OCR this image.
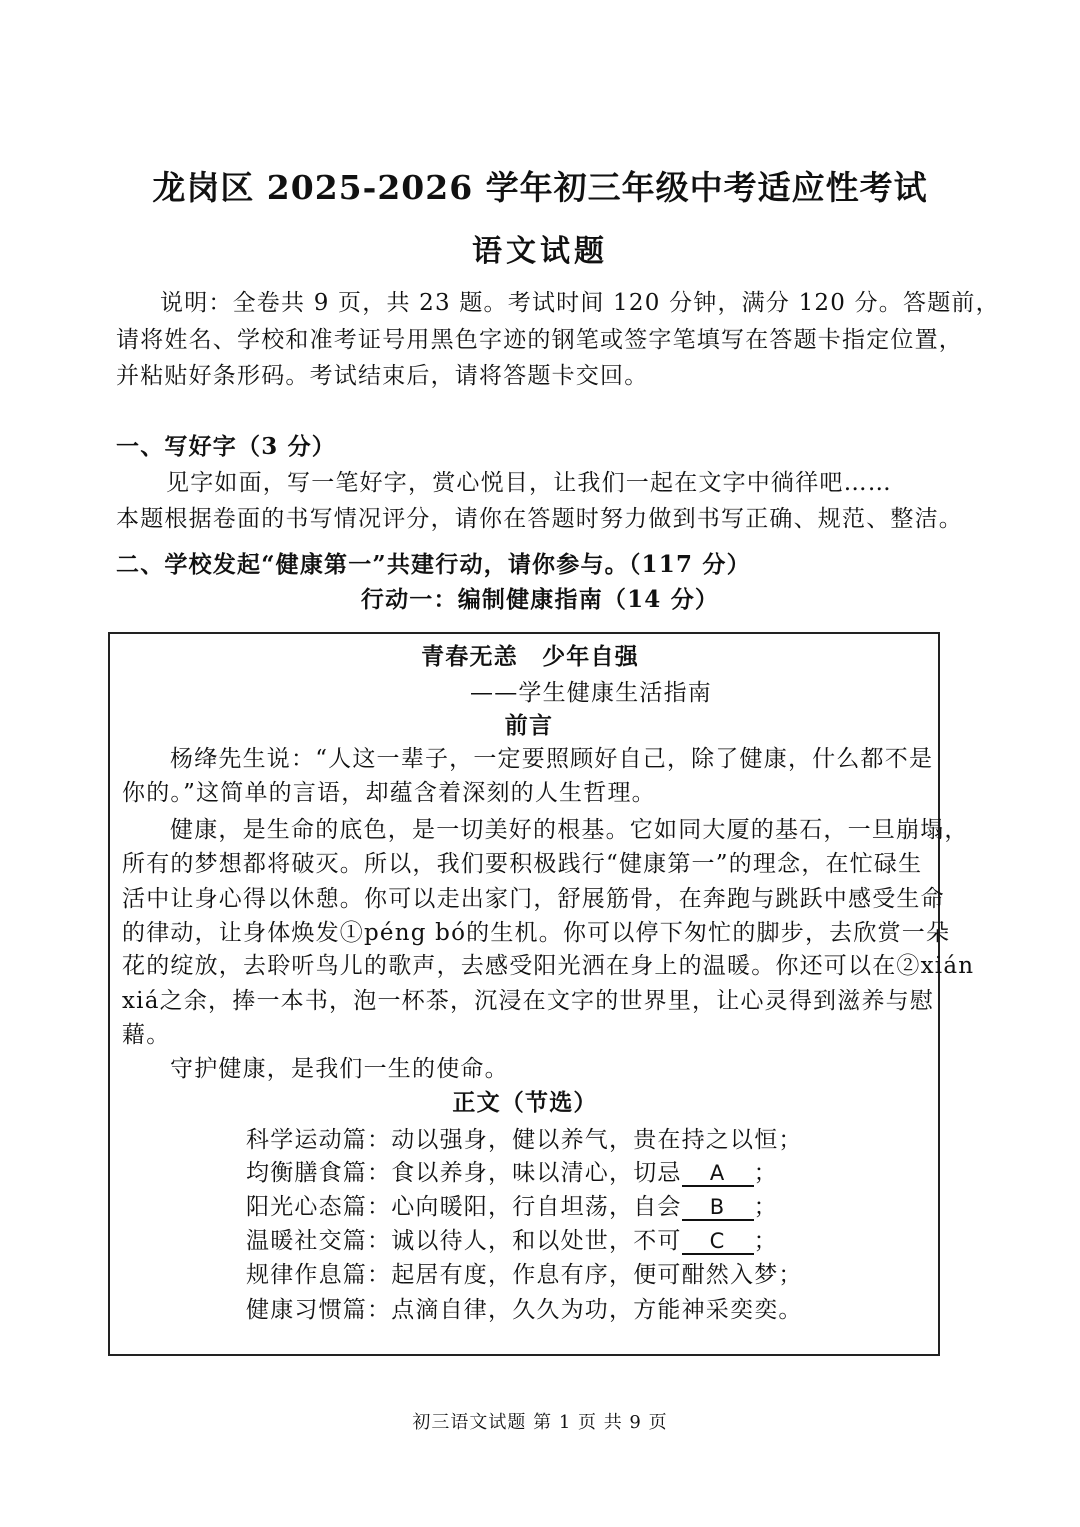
龙岗区 2025-2026 学年初三年级中考适应性考试
语文试题
说明：全卷共 9 页，共 23 题。考试时间 120 分钟，满分 120 分。答题前，
请将姓名、学校和准考证号用黑色字迹的钢笔或签字笔填写在答题卡指定位置，
并粘贴好条形码。考试结束后，请将答题卡交回。
一、写好字（3 分）
见字如面，写一笔好字，赏心悦目，让我们一起在文字中徜徉吧……
本题根据卷面的书写情况评分，请你在答题时努力做到书写正确、规范、整洁。
二、学校发起“健康第一”共建行动，请你参与。（117 分）
行动一：编制健康指南（14 分）
青春无恙　少年自强
——学生健康生活指南
前言
杨绛先生说：“人这一辈子，一定要照顾好自己，除了健康，什么都不是
你的。”这简单的言语，却蕴含着深刻的人生哲理。
健康，是生命的底色，是一切美好的根基。它如同大厦的基石，一旦崩塌，
所有的梦想都将破灭。所以，我们要积极践行“健康第一”的理念，在忙碌生
活中让身心得以休憩。你可以走出家门，舒展筋骨，在奔跑与跳跃中感受生命
的律动，让身体焕发①péng bó的生机。你可以停下匆忙的脚步，去欣赏一朵
花的绽放，去聆听鸟儿的歌声，去感受阳光洒在身上的温暖。你还可以在②xián
xiá之余，捧一本书，泡一杯茶，沉浸在文字的世界里，让心灵得到滋养与慰
藉。
守护健康，是我们一生的使命。
正文（节选）
科学运动篇：动以强身，健以养气，贵在持之以恒；
均衡膳食篇：食以养身，味以清心，切忌 A ；
阳光心态篇：心向暖阳，行自坦荡，自会 B ；
温暖社交篇：诚以待人，和以处世，不可 C ；
规律作息篇：起居有度，作息有序，便可酣然入梦；
健康习惯篇：点滴自律，久久为功，方能神采奕奕。
初三语文试题 第 1 页 共 9 页
